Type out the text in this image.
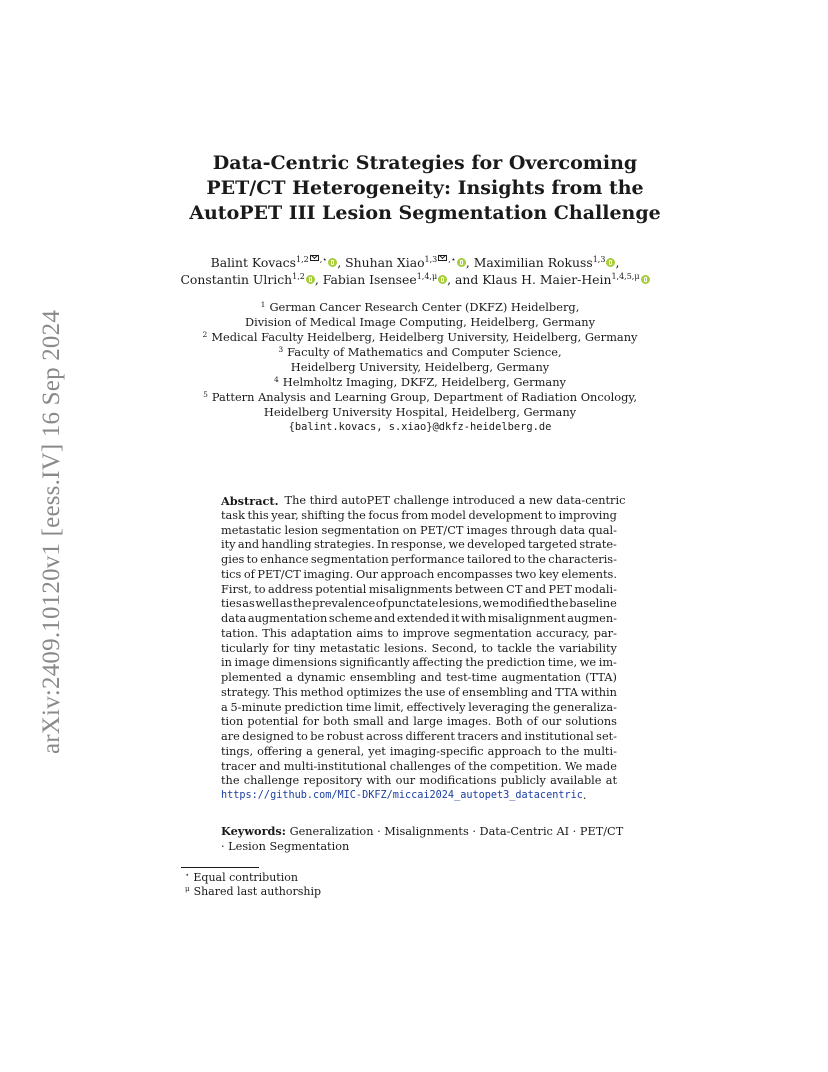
arXiv:2409.10120v1 [eess.IV] 16 Sep 2024
Data-Centric Strategies for Overcoming
PET/CT Heterogeneity: Insights from the
AutoPET III Lesion Segmentation Challenge
Balint Kovacs$^{1,2 ,⋆}$ , Shuhan Xiao$^{1,3 ,⋆}$ , Maximilian Rokuss$^{1,3}$ ,
Constantin Ulrich$^{1,2}$ , Fabian Isensee$^{1,4,\mu}$ , and Klaus H. Maier-Hein$^{1,4,5,\mu}$
$^1$ German Cancer Research Center (DKFZ) Heidelberg,
Division of Medical Image Computing, Heidelberg, Germany
$^2$ Medical Faculty Heidelberg, Heidelberg University, Heidelberg, Germany
$^3$ Faculty of Mathematics and Computer Science,
Heidelberg University, Heidelberg, Germany
$^4$ Helmholtz Imaging, DKFZ, Heidelberg, Germany
$^5$ Pattern Analysis and Learning Group, Department of Radiation Oncology,
Heidelberg University Hospital, Heidelberg, Germany
{balint.kovacs, s.xiao}@dkfz-heidelberg.de
Abstract. The third autoPET challenge introduced a new data-centric
task this year, shifting the focus from model development to improving
metastatic lesion segmentation on PET/CT images through data qual-
ity and handling strategies. In response, we developed targeted strate-
gies to enhance segmentation performance tailored to the characteris-
tics of PET/CT imaging. Our approach encompasses two key elements.
First, to address potential misalignments between CT and PET modali-
ties as well as the prevalence of punctate lesions, we modified the baseline
data augmentation scheme and extended it with misalignment augmen-
tation. This adaptation aims to improve segmentation accuracy, par-
ticularly for tiny metastatic lesions. Second, to tackle the variability
in image dimensions significantly affecting the prediction time, we im-
plemented a dynamic ensembling and test-time augmentation (TTA)
strategy. This method optimizes the use of ensembling and TTA within
a 5-minute prediction time limit, effectively leveraging the generaliza-
tion potential for both small and large images. Both of our solutions
are designed to be robust across different tracers and institutional set-
tings, offering a general, yet imaging-specific approach to the multi-
tracer and multi-institutional challenges of the competition. We made
the challenge repository with our modifications publicly available at
https://github.com/MIC-DKFZ/miccai2024_autopet3_datacentric .
Keywords: Generalization · Misalignments · Data-Centric AI · PET/CT
· Lesion Segmentation
⋆ Equal contribution
$^\mu$ Shared last authorship
